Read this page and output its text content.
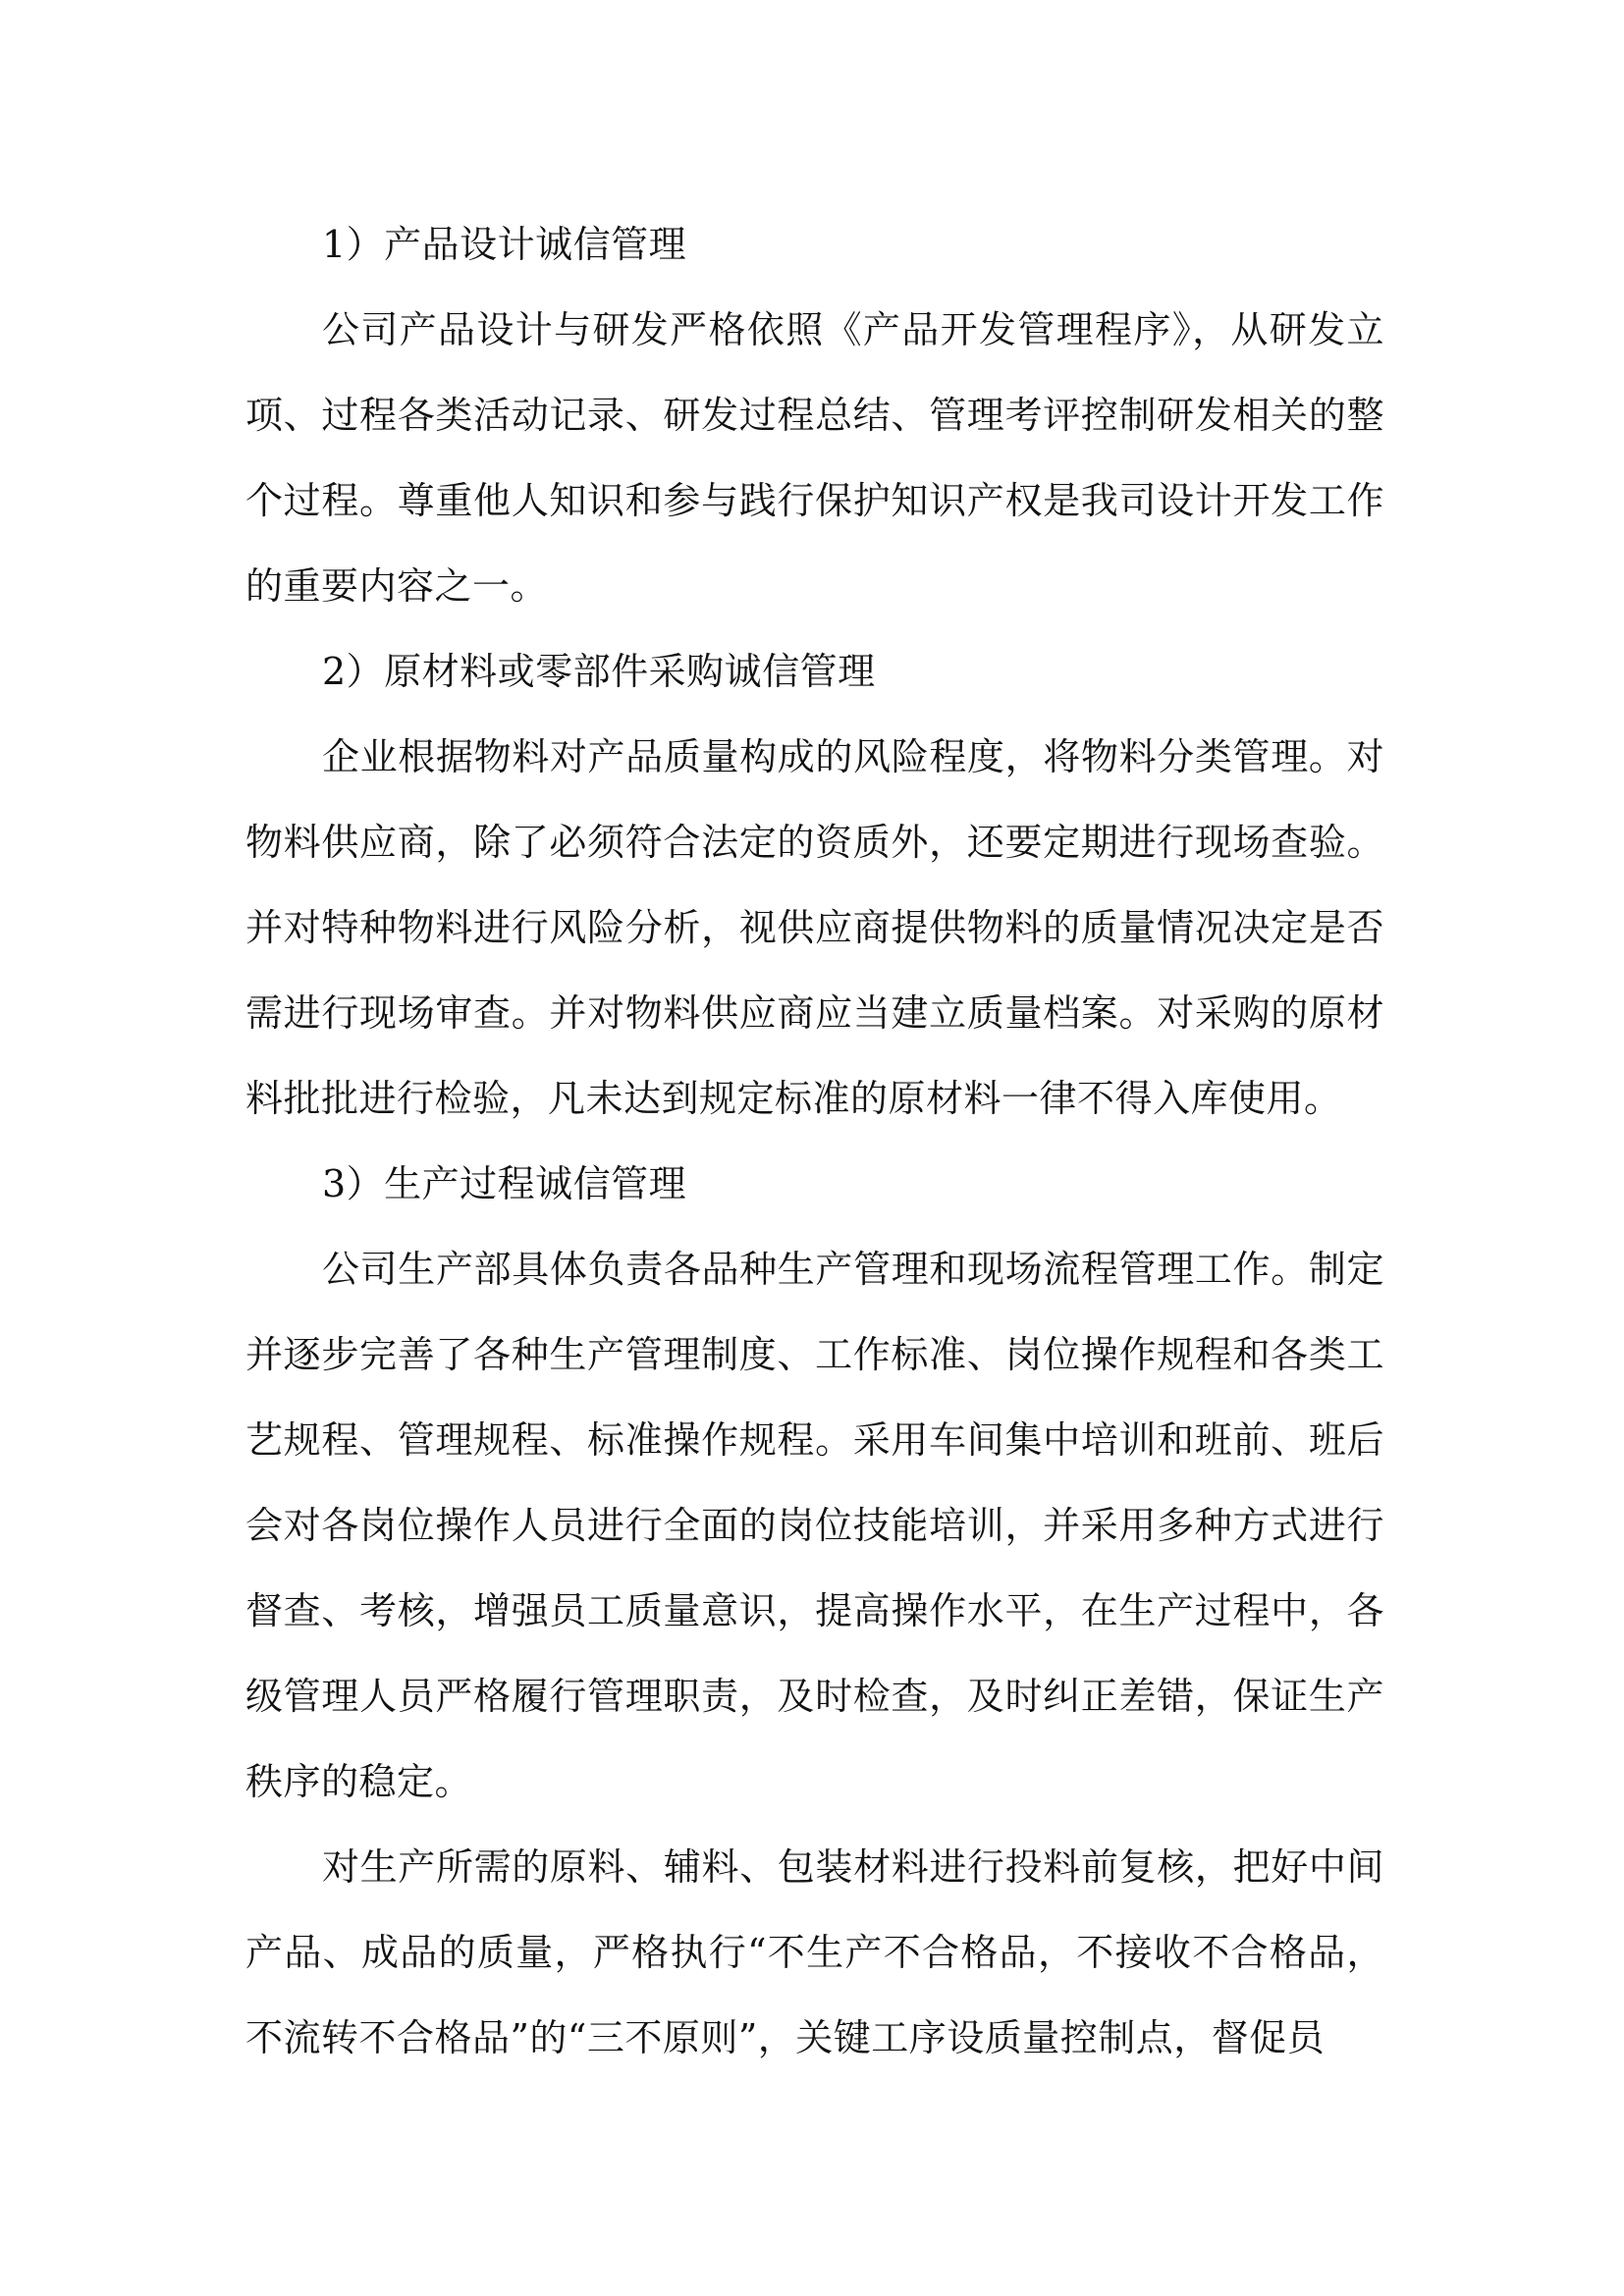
1）产品设计诚信管理

公司产品设计与研发严格依照《产品开发管理程序》，从研发立项、过程各类活动记录、研发过程总结、管理考评控制研发相关的整个过程。尊重他人知识和参与践行保护知识产权是我司设计开发工作的重要内容之一。

2）原材料或零部件采购诚信管理

企业根据物料对产品质量构成的风险程度，将物料分类管理。对物料供应商，除了必须符合法定的资质外，还要定期进行现场查验。并对特种物料进行风险分析，视供应商提供物料的质量情况决定是否需进行现场审查。并对物料供应商应当建立质量档案。对采购的原材料批批进行检验，凡未达到规定标准的原材料一律不得入库使用。

3）生产过程诚信管理

公司生产部具体负责各品种生产管理和现场流程管理工作。制定并逐步完善了各种生产管理制度、工作标准、岗位操作规程和各类工艺规程、管理规程、标准操作规程。采用车间集中培训和班前、班后会对各岗位操作人员进行全面的岗位技能培训，并采用多种方式进行督查、考核，增强员工质量意识，提高操作水平，在生产过程中，各级管理人员严格履行管理职责，及时检查，及时纠正差错，保证生产秩序的稳定。

对生产所需的原料、辅料、包装材料进行投料前复核，把好中间产品、成品的质量，严格执行“不生产不合格品，不接收不合格品，不流转不合格品”的“三不原则”，关键工序设质量控制点，督促员
